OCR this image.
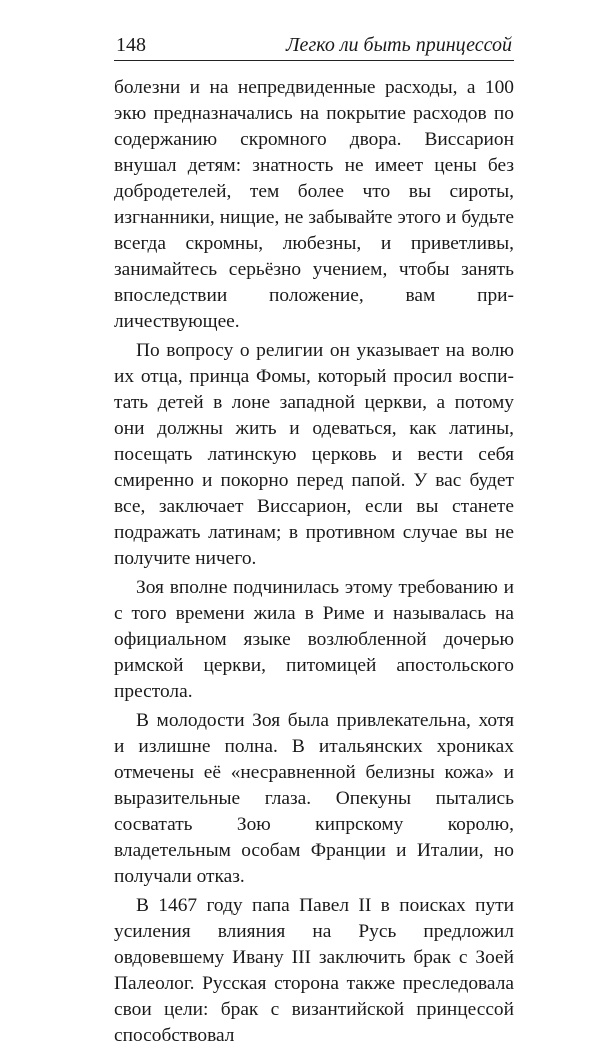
148	Легко ли быть принцессой

болезни и на непредвиденные расходы, а 100 экю предназначались на покрытие расходов по содержанию скромного двора. Виссарион внушал детям: знатность не имеет цены без добродетелей, тем более что вы сироты, изгнанники, нищие, не забывайте этого и будьте всегда скромны, любезны, и приветливы, занимайтесь серьёзно учением, чтобы занять впоследствии положение, вам приличествующее.

По вопросу о религии он указывает на волю их отца, принца Фомы, который просил воспитать детей в лоне западной церкви, а потому они должны жить и одеваться, как латины, посещать латинскую церковь и вести себя смиренно и покорно перед папой. У вас будет все, заключает Виссарион, если вы станете подражать латинам; в противном случае вы не получите ничего.

Зоя вполне подчинилась этому требованию и с того времени жила в Риме и называлась на официальном языке возлюбленной дочерью римской церкви, питомицей апостольского престола.

В молодости Зоя была привлекательна, хотя и излишне полна. В итальянских хрониках отмечены её «несравненной белизны кожа» и выразительные глаза. Опекуны пытались сосватать Зою кипрскому королю, владетельным особам Франции и Италии, но получали отказ.

В 1467 году папа Павел II в поисках пути усиления влияния на Русь предложил овдовевшему Ивану III заключить брак с Зоей Палеолог. Русская сторона также преследовала свои цели: брак с византийской принцессой способствовал
